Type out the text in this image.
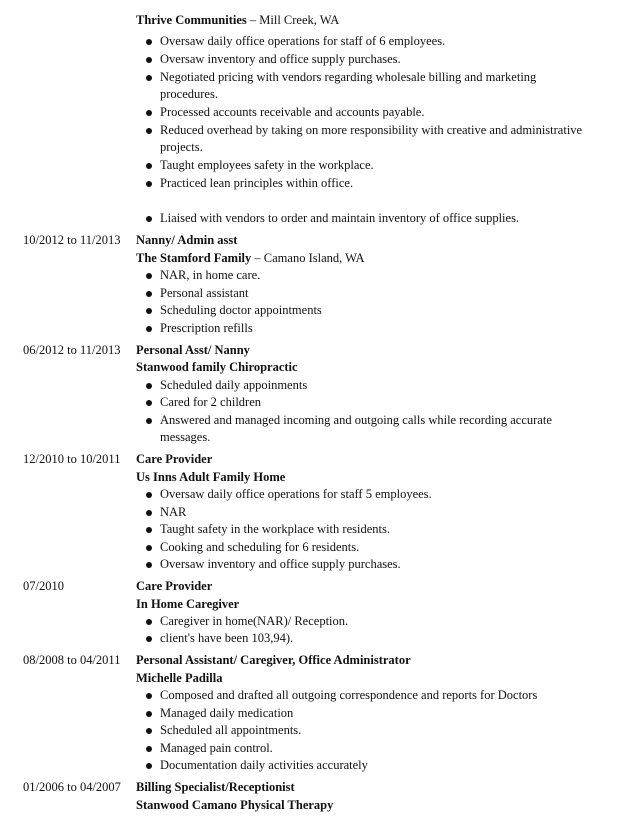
Thrive Communities – Mill Creek, WA
Oversaw daily office operations for staff of 6 employees.
Oversaw inventory and office supply purchases.
Negotiated pricing with vendors regarding wholesale billing and marketing
procedures.
Processed accounts receivable and accounts payable.
Reduced overhead by taking on more responsibility with creative and administrative
projects.
Taught employees safety in the workplace.
Practiced lean principles within office.
Liaised with vendors to order and maintain inventory of office supplies.
10/2012 to 11/2013 Nanny/ Admin asst
The Stamford Family – Camano Island, WA
NAR, in home care.
Personal assistant
Scheduling doctor appointments
Prescription refills
06/2012 to 11/2013 Personal Asst/ Nanny
Stanwood family Chiropractic
Scheduled daily appoinments
Cared for 2 children
Answered and managed incoming and outgoing calls while recording accurate
messages.
12/2010 to 10/2011 Care Provider
Us Inns Adult Family Home
Oversaw daily office operations for staff 5 employees.
NAR
Taught safety in the workplace with residents.
Cooking and scheduling for 6 residents.
Oversaw inventory and office supply purchases.
07/2010	Care Provider
In Home Caregiver
Caregiver in home(NAR)/ Reception.
client's have been 103,94).
08/2008 to 04/2011 Personal Assistant/ Caregiver, Office Administrator
Michelle Padilla
Composed and drafted all outgoing correspondence and reports for Doctors
Managed daily medication
Scheduled all appointments.
Managed pain control.
Documentation daily activities accurately
01/2006 to 04/2007 Billing Specialist/Receptionist
Stanwood Camano Physical Therapy
